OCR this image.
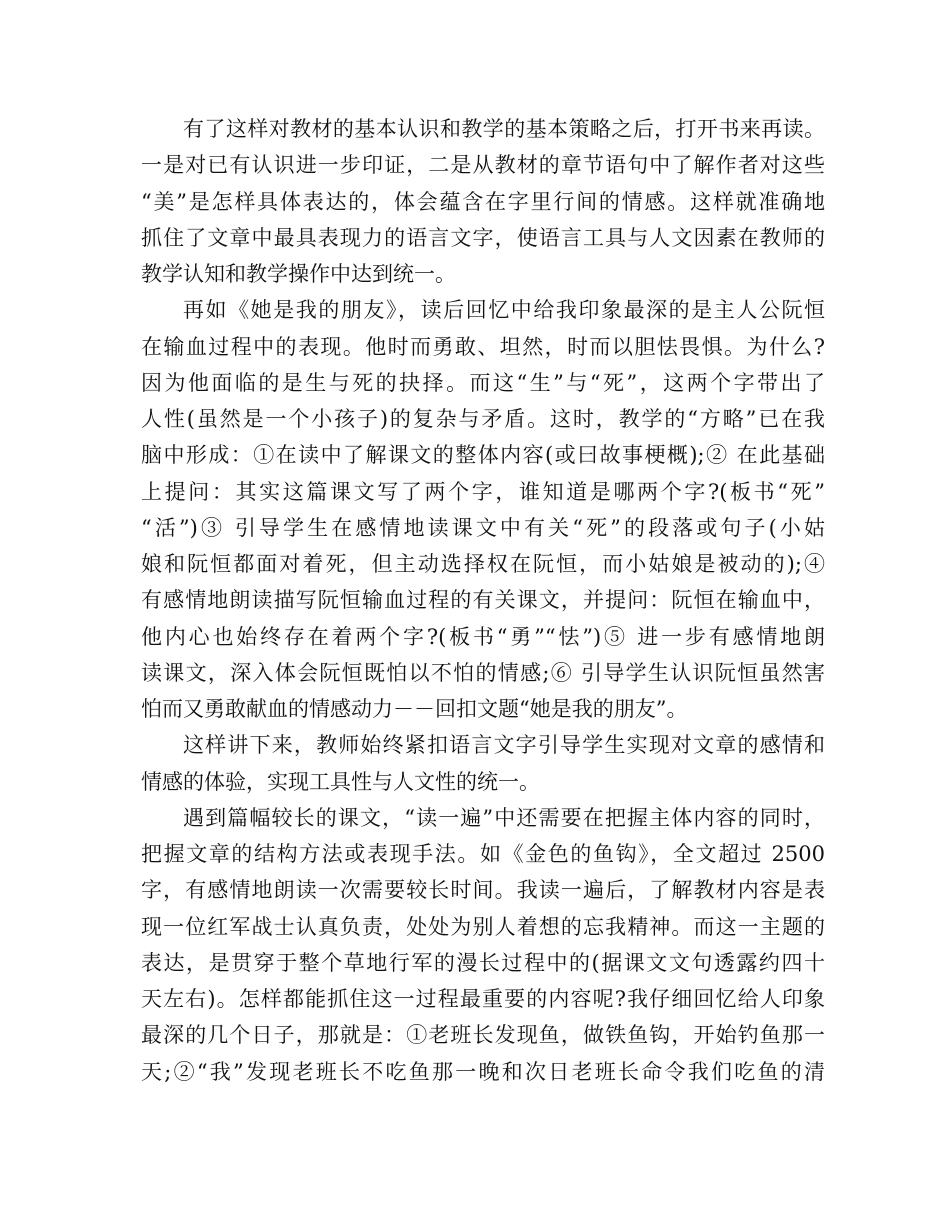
有了这样对教材的基本认识和教学的基本策略之后，打开书来再读。
一是对已有认识进一步印证，二是从教材的章节语句中了解作者对这些
“美”是怎样具体表达的，体会蕴含在字里行间的情感。这样就准确地
抓住了文章中最具表现力的语言文字，使语言工具与人文因素在教师的
教学认知和教学操作中达到统一。
再如《她是我的朋友》，读后回忆中给我印象最深的是主人公阮恒
在输血过程中的表现。他时而勇敢、坦然，时而以胆怯畏惧。为什么?
因为他面临的是生与死的抉择。而这“生”与“死”，这两个字带出了
人性(虽然是一个小孩子)的复杂与矛盾。这时，教学的“方略”已在我
脑中形成：①在读中了解课文的整体内容(或曰故事梗概);② 在此基础
上提问：其实这篇课文写了两个字，谁知道是哪两个字?(板书“死”
“活”)③ 引导学生在感情地读课文中有关“死”的段落或句子(小姑
娘和阮恒都面对着死，但主动选择权在阮恒，而小姑娘是被动的);④
有感情地朗读描写阮恒输血过程的有关课文，并提问：阮恒在输血中，
他内心也始终存在着两个字?(板书“勇”“怯”)⑤ 进一步有感情地朗
读课文，深入体会阮恒既怕以不怕的情感;⑥ 引导学生认识阮恒虽然害
怕而又勇敢献血的情感动力－－回扣文题“她是我的朋友”。
这样讲下来，教师始终紧扣语言文字引导学生实现对文章的感情和
情感的体验，实现工具性与人文性的统一。
遇到篇幅较长的课文，“读一遍”中还需要在把握主体内容的同时，
把握文章的结构方法或表现手法。如《金色的鱼钩》，全文超过 2500
字，有感情地朗读一次需要较长时间。我读一遍后，了解教材内容是表
现一位红军战士认真负责，处处为别人着想的忘我精神。而这一主题的
表达，是贯穿于整个草地行军的漫长过程中的(据课文文句透露约四十
天左右)。怎样都能抓住这一过程最重要的内容呢?我仔细回忆给人印象
最深的几个日子，那就是：①老班长发现鱼，做铁鱼钩，开始钓鱼那一
天;②“我”发现老班长不吃鱼那一晚和次日老班长命令我们吃鱼的清
